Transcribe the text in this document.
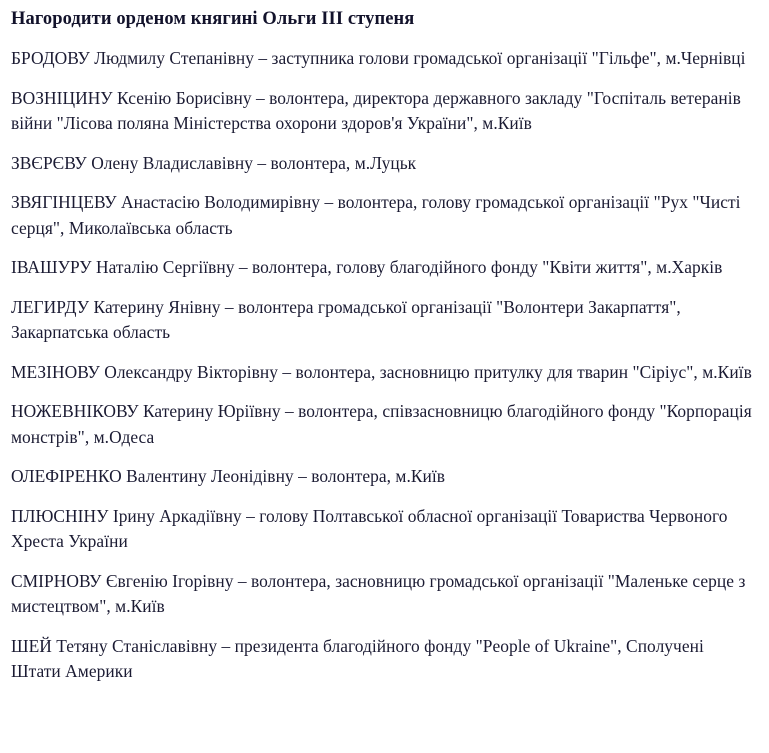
Нагородити орденом княгині Ольги III ступеня
БРОДОВУ Людмилу Степанівну – заступника голови громадської організації "Гільфе", м.Чернівці
ВОЗНІЦИНУ Ксенію Борисівну – волонтера, директора державного закладу "Госпіталь ветеранів війни "Лісова поляна Міністерства охорони здоров'я України", м.Київ
ЗВЄРЄВУ Олену Владиславівну – волонтера, м.Луцьк
ЗВЯГІНЦЕВУ Анастасію Володимирівну – волонтера, голову громадської організації "Рух "Чисті серця", Миколаївська область
ІВАШУРУ Наталію Сергіївну – волонтера, голову благодійного фонду "Квіти життя", м.Харків
ЛЕГИРДУ Катерину Янівну – волонтера громадської організації "Волонтери Закарпаття", Закарпатська область
МЕЗІНОВУ Олександру Вікторівну – волонтера, засновницю притулку для тварин "Cіріус", м.Київ
НОЖЕВНІКОВУ Катерину Юріївну – волонтера, співзасновницю благодійного фонду "Корпорація монстрів", м.Одеса
ОЛЕФІРЕНКО Валентину Леонідівну – волонтера, м.Київ
ПЛЮСНІНУ Ірину Аркадіївну – голову Полтавської обласної організації Товариства Червоного Хреста України
СМІРНОВУ Євгенію Ігорівну – волонтера, засновницю громадської організації "Маленьке серце з мистецтвом", м.Київ
ШЕЙ Тетяну Станіславівну – президента благодійного фонду "People of Ukraine", Сполучені Штати Америки
